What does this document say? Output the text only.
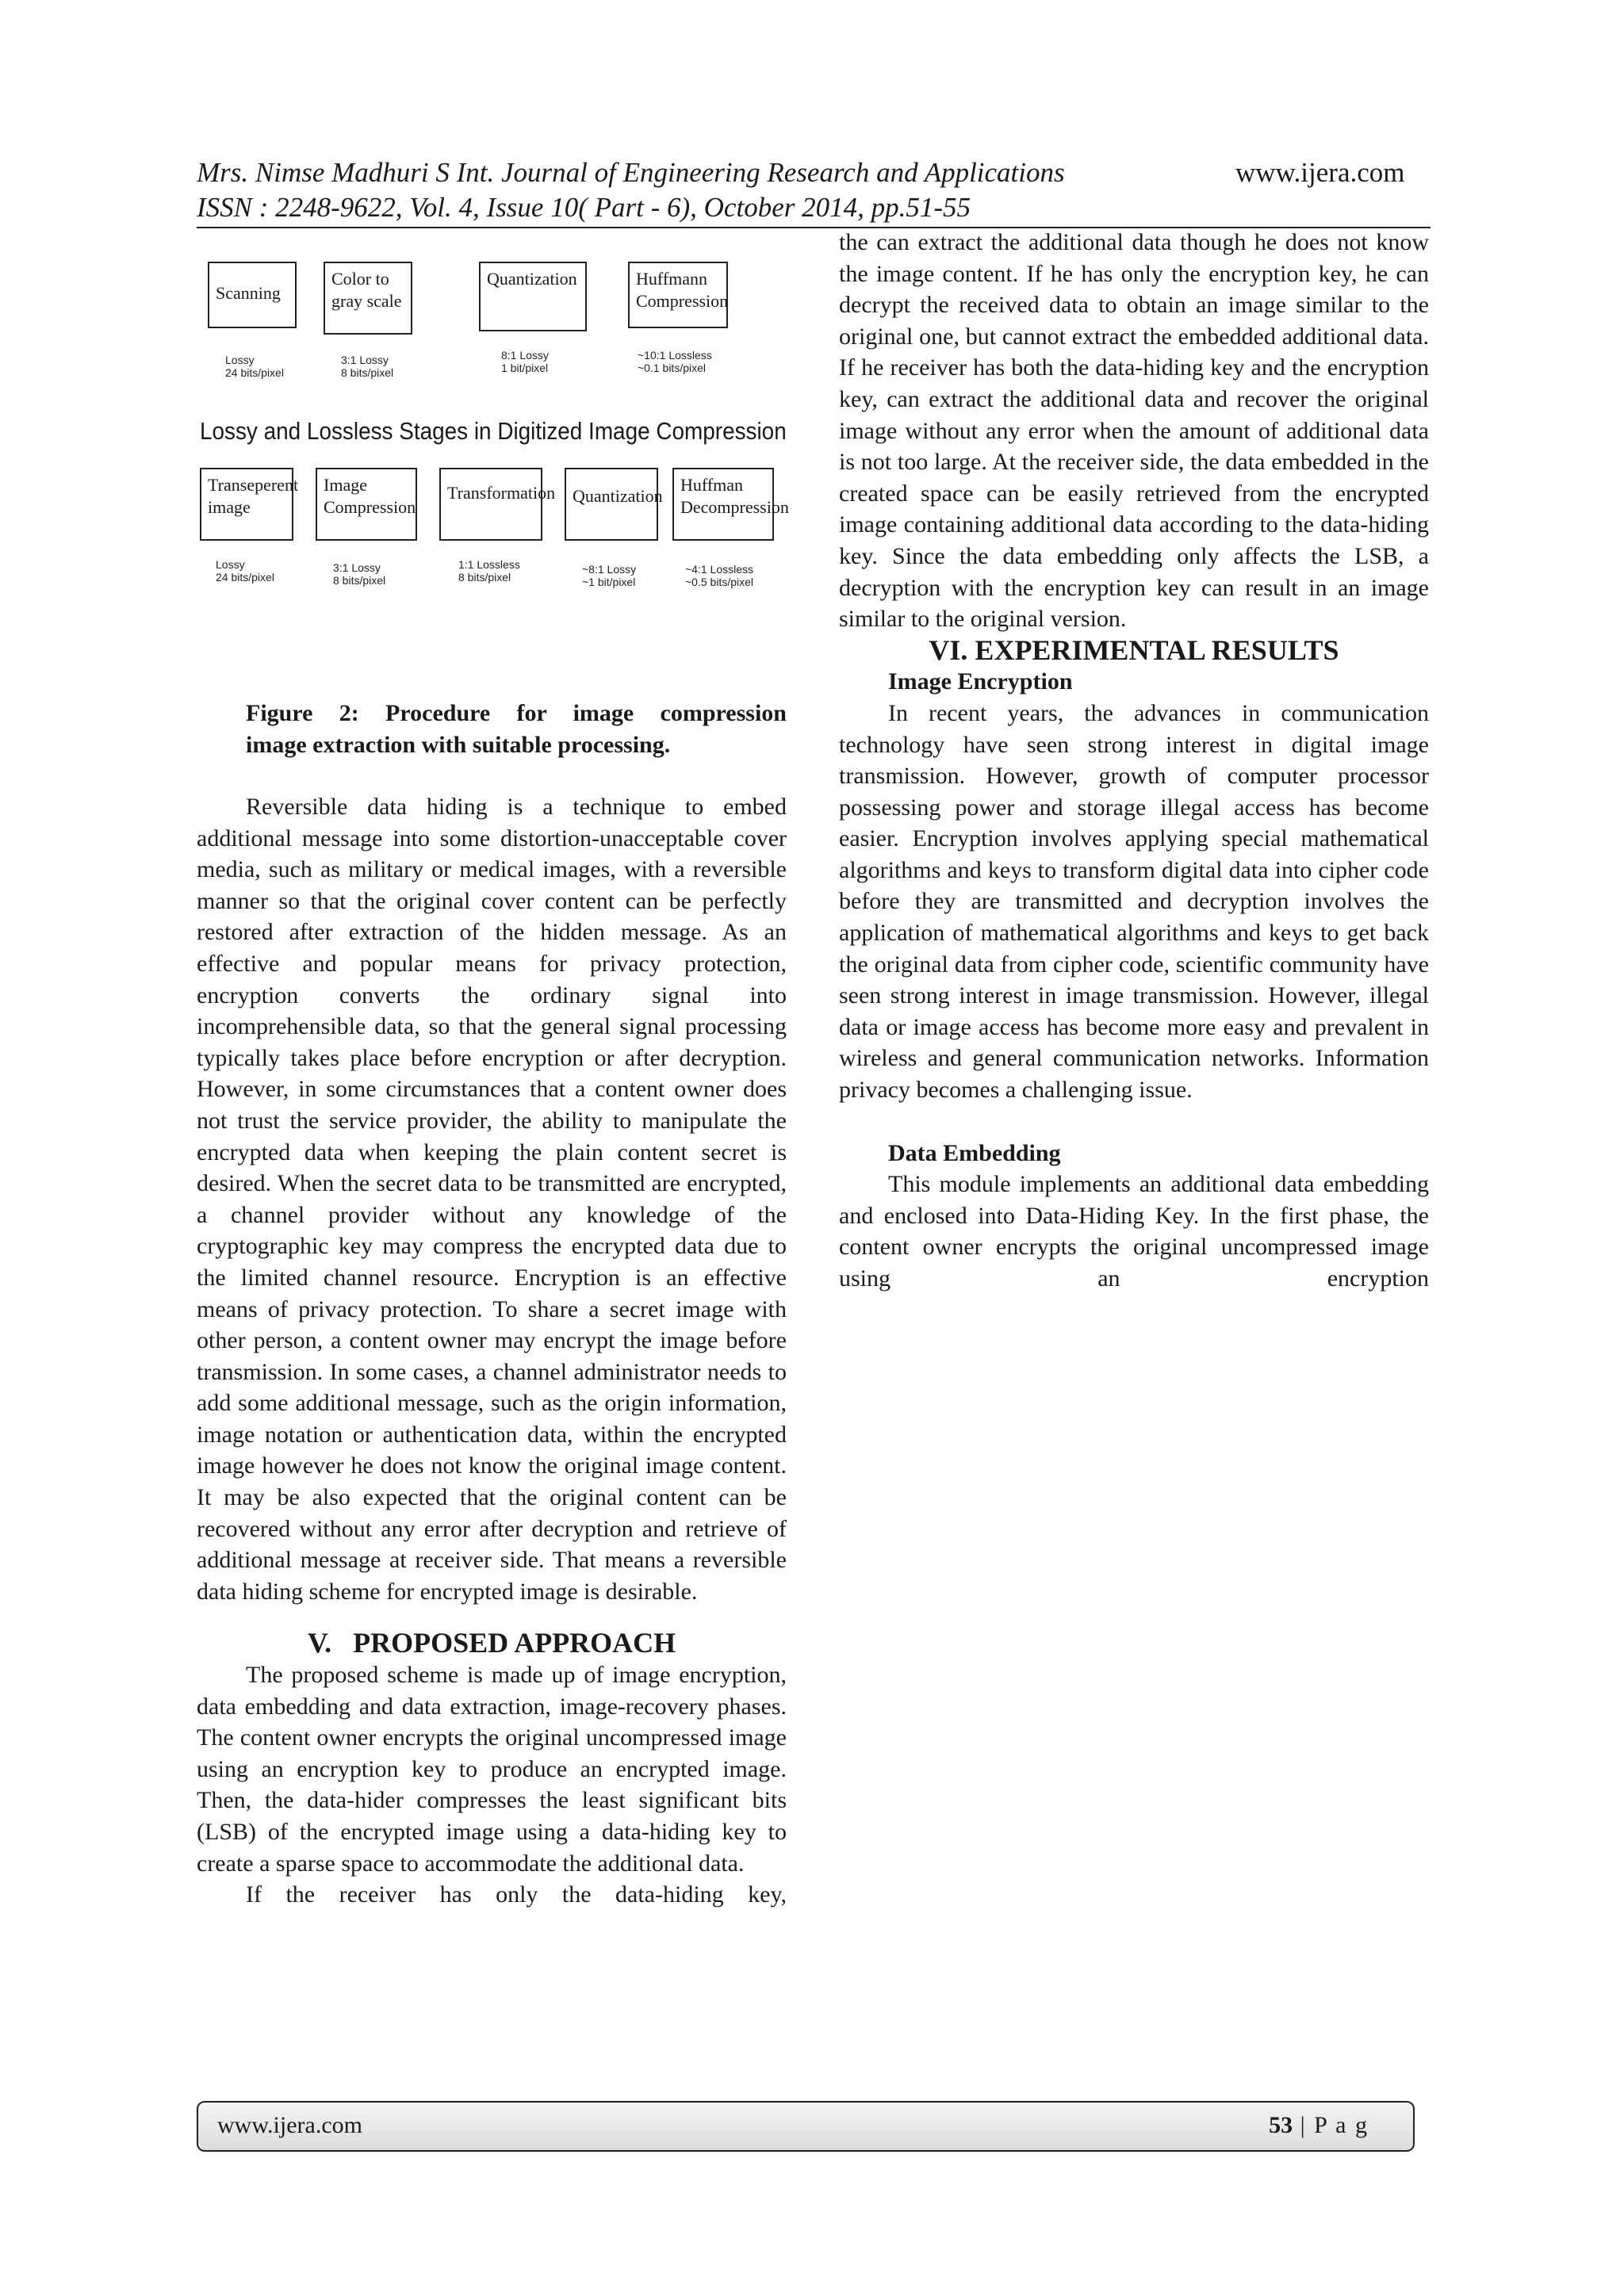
Mrs. Nimse Madhuri S Int. Journal of Engineering Research and Applications	www.ijera.com
ISSN : 2248-9622, Vol. 4, Issue 10( Part - 6), October 2014, pp.51-55
Scanning
Color to gray scale
Quantization	Huffmann Compression
Lossy
24 bits/pixel
3:1 Lossy
8 bits/pixel
8:1 Lossy
1 bit/pixel
~10:1 Lossless
~0.1 bits/pixel
Lossy and Lossless Stages in Digitized Image Compression
Transeperent image
Image Compression
Transformation Quantization
Huffman Decompression
Lossy
24 bits/pixel
3:1 Lossy
8 bits/pixel
1:1 Lossless
8 bits/pixel
~8:1 Lossy
~1 bit/pixel
~4:1 Lossless
~0.5 bits/pixel
Figure 2: Procedure for image compression
image extraction with suitable processing.

Reversible data hiding is a technique to embed additional message into some distortion-unacceptable cover media, such as military or medical images, with a reversible manner so that the original cover content can be perfectly restored after extraction of the hidden message. As an effective and popular means for privacy protection, encryption converts the ordinary signal into incomprehensible data, so that the general signal processing typically takes place before encryption or after decryption. However, in some circumstances that a content owner does not trust the service provider, the ability to manipulate the encrypted data when keeping the plain content secret is desired. When the secret data to be transmitted are encrypted, a channel provider without any knowledge of the cryptographic key may compress the encrypted data due to the limited channel resource. Encryption is an effective means of privacy protection. To share a secret image with other person, a content owner may encrypt the image before transmission. In some cases, a channel administrator needs to add some additional message, such as the origin information, image notation or authentication data, within the encrypted image however he does not know the original image content. It may be also expected that the original content can be recovered without any error after decryption and retrieve of additional message at receiver side. That means a reversible data hiding scheme for encrypted image is desirable.

V.   PROPOSED APPROACH

The proposed scheme is made up of image encryption, data embedding and data extraction, image-recovery phases. The content owner encrypts the original uncompressed image using an encryption key to produce an encrypted image. Then, the data-hider compresses the least significant bits (LSB) of the encrypted image using a data-hiding key to create a sparse space to accommodate the additional data.

If the receiver has only the data-hiding key,

the can extract the additional data though he does not know the image content. If he has only the encryption key, he can decrypt the received data to obtain an image similar to the original one, but cannot extract the embedded additional data. If he receiver has both the data-hiding key and the encryption key, can extract the additional data and recover the original image without any error when the amount of additional data is not too large. At the receiver side, the data embedded in the created space can be easily retrieved from the encrypted image containing additional data according to the data-hiding key. Since the data embedding only affects the LSB, a decryption with the encryption key can result in an image similar to the original version.

VI. EXPERIMENTAL RESULTS

Image Encryption

In recent years, the advances in communication technology have seen strong interest in digital image transmission. However, growth of computer processor possessing power and storage illegal access has become easier. Encryption involves applying special mathematical algorithms and keys to transform digital data into cipher code before they are transmitted and decryption involves the application of mathematical algorithms and keys to get back the original data from cipher code, scientific community have seen strong interest in image transmission. However, illegal data or image access has become more easy and prevalent in wireless and general communication networks. Information privacy becomes a challenging issue.

Data Embedding

This module implements an additional data embedding and enclosed into Data-Hiding Key. In the first phase, the content owner encrypts the original uncompressed image using an encryption

www.ijera.com	53 | P a g
